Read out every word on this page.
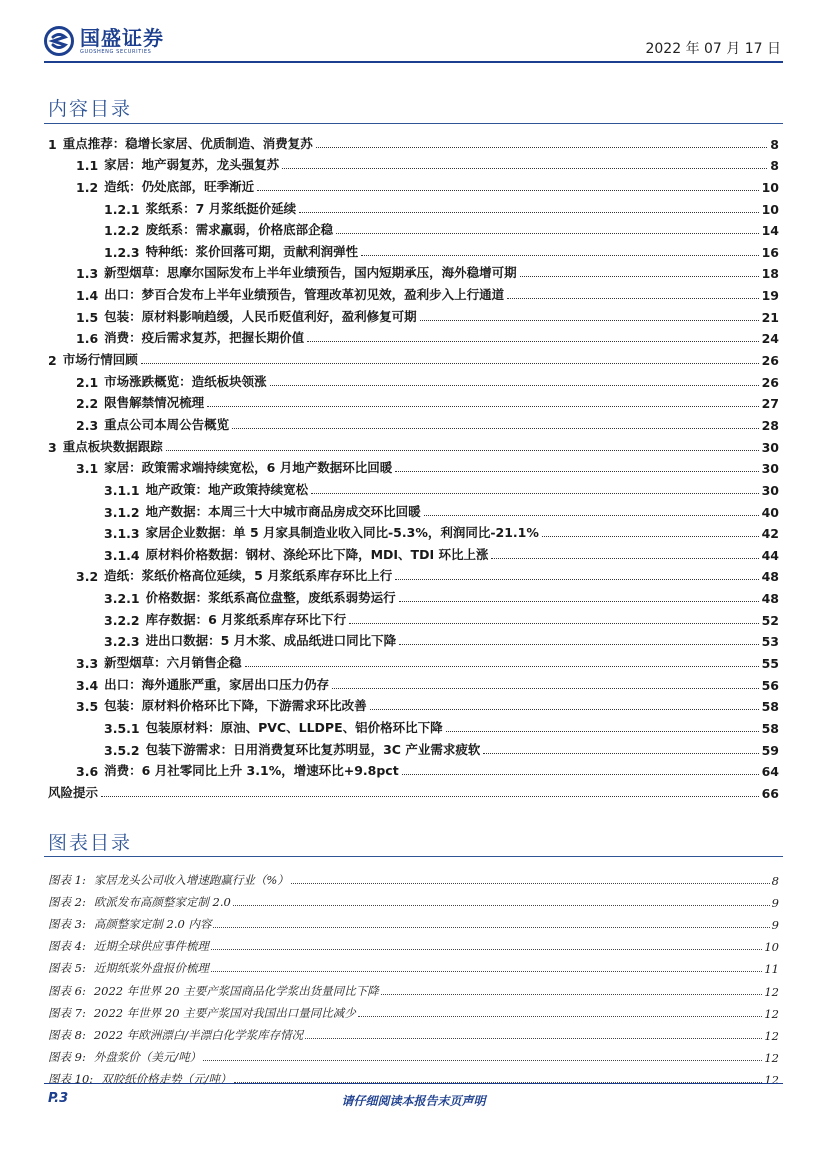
国盛证券
GUOSHENG SECURITIES	2022 年 07 月 17 日
内容目录
1 重点推荐：稳增长家居、优质制造、消费复苏	8
1.1 家居：地产弱复苏，龙头强复苏	8
1.2 造纸：仍处底部，旺季渐近	10
1.2.1 浆纸系：7 月浆纸挺价延续	10
1.2.2 废纸系：需求羸弱，价格底部企稳	14
1.2.3 特种纸：浆价回落可期，贡献利润弹性	16
1.3 新型烟草：思摩尔国际发布上半年业绩预告，国内短期承压，海外稳增可期	18
1.4 出口：梦百合发布上半年业绩预告，管理改革初见效，盈利步入上行通道	19
1.5 包装：原材料影响趋缓，人民币贬值利好，盈利修复可期	21
1.6 消费：疫后需求复苏，把握长期价值	24
2 市场行情回顾	26
2.1 市场涨跌概览：造纸板块领涨	26
2.2 限售解禁情况梳理	27
2.3 重点公司本周公告概览	28
3 重点板块数据跟踪	30
3.1 家居：政策需求端持续宽松，6 月地产数据环比回暖	30
3.1.1 地产政策：地产政策持续宽松	30
3.1.2 地产数据：本周三十大中城市商品房成交环比回暖	40
3.1.3 家居企业数据：单 5 月家具制造业收入同比-5.3%，利润同比-21.1%	42
3.1.4 原材料价格数据：钢材、涤纶环比下降，MDI、TDI 环比上涨	44
3.2 造纸：浆纸价格高位延续，5 月浆纸系库存环比上行	48
3.2.1 价格数据：浆纸系高位盘整，废纸系弱势运行	48
3.2.2 库存数据：6 月浆纸系库存环比下行	52
3.2.3 进出口数据：5 月木浆、成品纸进口同比下降	53
3.3 新型烟草：六月销售企稳	55
3.4 出口：海外通胀严重，家居出口压力仍存	56
3.5 包装：原材料价格环比下降，下游需求环比改善	58
3.5.1 包装原材料：原油、PVC、LLDPE、铝价格环比下降	58
3.5.2 包装下游需求：日用消费复环比复苏明显，3C 产业需求疲软	59
3.6 消费：6 月社零同比上升 3.1%，增速环比+9.8pct	64
风险提示	66
图表目录
图表 1: 家居龙头公司收入增速跑赢行业（%）	8
图表 2: 欧派发布高颜整家定制 2.0	9
图表 3: 高颜整家定制 2.0 内容	9
图表 4: 近期全球供应事件梳理	10
图表 5: 近期纸浆外盘报价梳理	11
图表 6: 2022 年世界 20 主要产浆国商品化学浆出货量同比下降	12
图表 7: 2022 年世界 20 主要产浆国对我国出口量同比减少	12
图表 8: 2022 年欧洲漂白/半漂白化学浆库存情况	12
图表 9: 外盘浆价（美元/吨）	12
图表 10: 双胶纸价格走势（元/吨）	12
P.3	请仔细阅读本报告末页声明
